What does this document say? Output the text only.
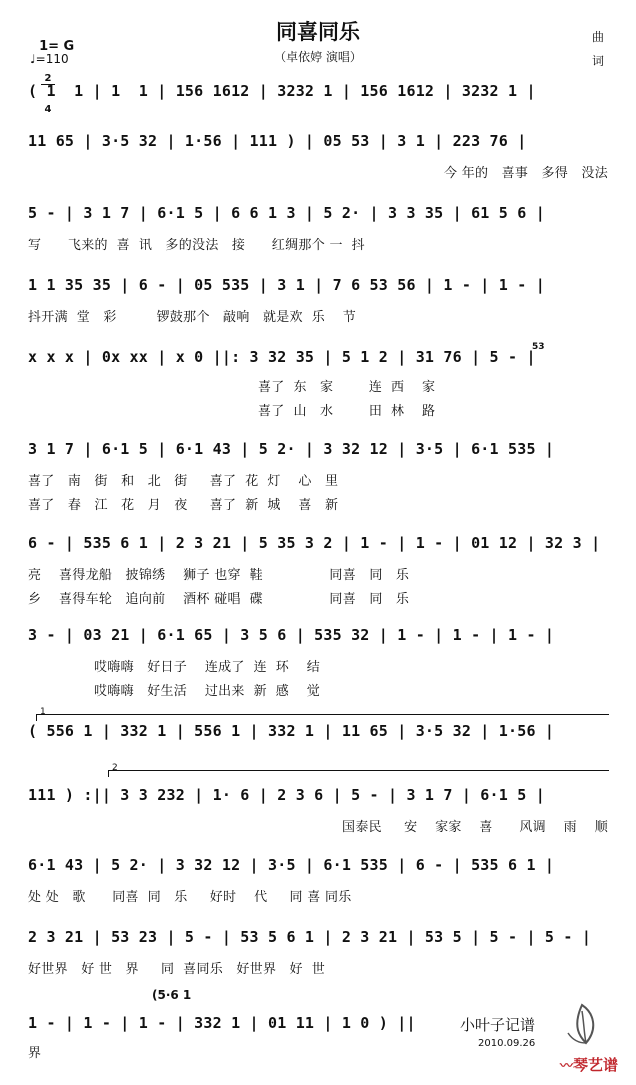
同喜同乐
（卓依婷 演唱）

1= G

$\frac{2}{4}$

♩=110
曲
词
( 1  1 | 1  1 | 156 1612 | 3232 1 | 156 1612 | 3232 1 |
11 65 | 3·5 32 | 1·56 | 111 ) | 05 53 | 3 1 | 223 76 |
今 年的   喜事   多得   没法
5 - | 3 1 7 | 6·1 5 | 6 6 1 3 | 5 2· | 3 3 35 | 61 5 6 |
写      飞来的  喜  讯   多的没法   接      红绸那个 一  抖
1 1 35 35 | 6 - | 05 535 | 3 1 | 7 6 53 56 | 1 - | 1 - |
抖开满  堂   彩         锣鼓那个   敲响   就是欢  乐    节
x x x | 0x xx | x 0 ||: 3 32 35 | 5 1 2 | 31 76 | 5 - |
53
喜了  东   家        连  西    家
喜了  山   水        田  林    路
3 1 7 | 6·1 5 | 6·1 43 | 5 2· | 3 32 12 | 3·5 | 6·1 535 |
喜了   南   街   和   北   街     喜了  花  灯    心   里
喜了   春   江   花   月   夜     喜了  新  城    喜   新
6 - | 535 6 1 | 2 3 21 | 5 35 3 2 | 1 - | 1 - | 01 12 | 32 3 |
亮    喜得龙船   披锦绣    狮子 也穿  鞋               同喜   同   乐
乡    喜得车轮   追向前    酒杯 碰唱  碟               同喜   同   乐
3 - | 03 21 | 6·1 65 | 3 5 6 | 535 32 | 1 - | 1 - | 1 - |
哎嗨嗨   好日子    连成了  连  环    结
哎嗨嗨   好生活    过出来  新  感    觉
1
( 556 1 | 332 1 | 556 1 | 332 1 | 11 65 | 3·5 32 | 1·56 |
2
111 ) :|| 3 3 232 | 1· 6 | 2 3 6 | 5 - | 3 1 7 | 6·1 5 |
国泰民     安    家家    喜      风调    雨    顺
6·1 43 | 5 2· | 3 32 12 | 3·5 | 6·1 535 | 6 - | 535 6 1 |
处 处   歌      同喜  同   乐     好时    代     同 喜 同乐
2 3 21 | 53 23 | 5 - | 53 5 6 1 | 2 3 21 | 53 5 | 5 - | 5 - |
好世界   好 世   界     同  喜同乐   好世界   好  世
(5·6 1
1 - | 1 - | 1 - | 332 1 | 01 11 | 1 0 ) ||
界
小叶子记谱
2010.09.26
〰琴艺谱
